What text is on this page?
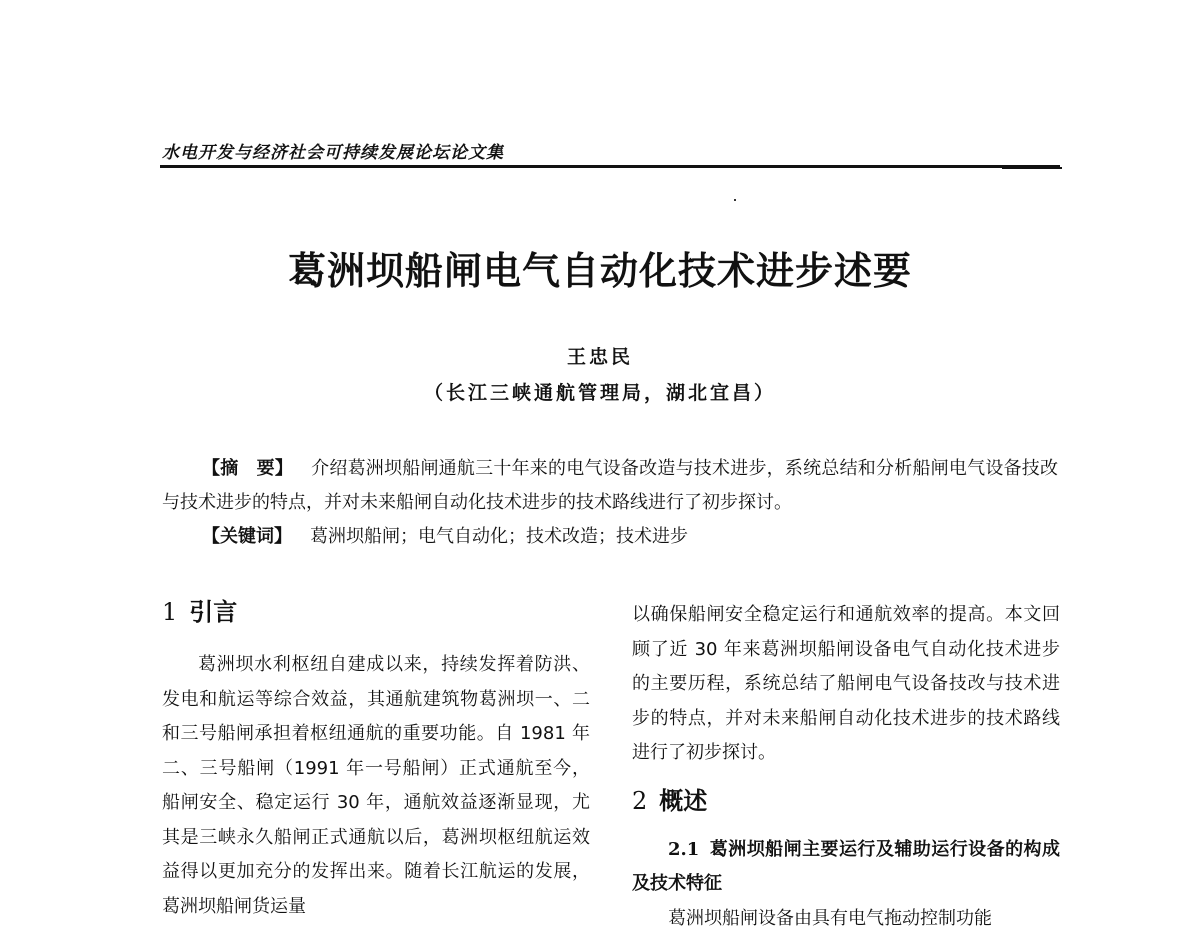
水电开发与经济社会可持续发展论坛论文集
葛洲坝船闸电气自动化技术进步述要
王忠民
（长江三峡通航管理局，湖北宜昌）

【摘　要】 介绍葛洲坝船闸通航三十年来的电气设备改造与技术进步，系统总结和分析船闸电气设备技改与技术进步的特点，并对未来船闸自动化技术进步的技术路线进行了初步探讨。

【关键词】 葛洲坝船闸；电气自动化；技术改造；技术进步

1 引言

葛洲坝水利枢纽自建成以来，持续发挥着防洪、发电和航运等综合效益，其通航建筑物葛洲坝一、二和三号船闸承担着枢纽通航的重要功能。自 1981 年二、三号船闸（1991 年一号船闸）正式通航至今，船闸安全、稳定运行 30 年，通航效益逐渐显现，尤其是三峡永久船闸正式通航以后，葛洲坝枢纽航运效益得以更加充分的发挥出来。随着长江航运的发展，葛洲坝船闸货运量

以确保船闸安全稳定运行和通航效率的提高。本文回顾了近 30 年来葛洲坝船闸设备电气自动化技术进步的主要历程，系统总结了船闸电气设备技改与技术进步的特点，并对未来船闸自动化技术进步的技术路线进行了初步探讨。

2 概述

2.1 葛洲坝船闸主要运行及辅助运行设备的构成及技术特征

葛洲坝船闸设备由具有电气拖动控制功能
